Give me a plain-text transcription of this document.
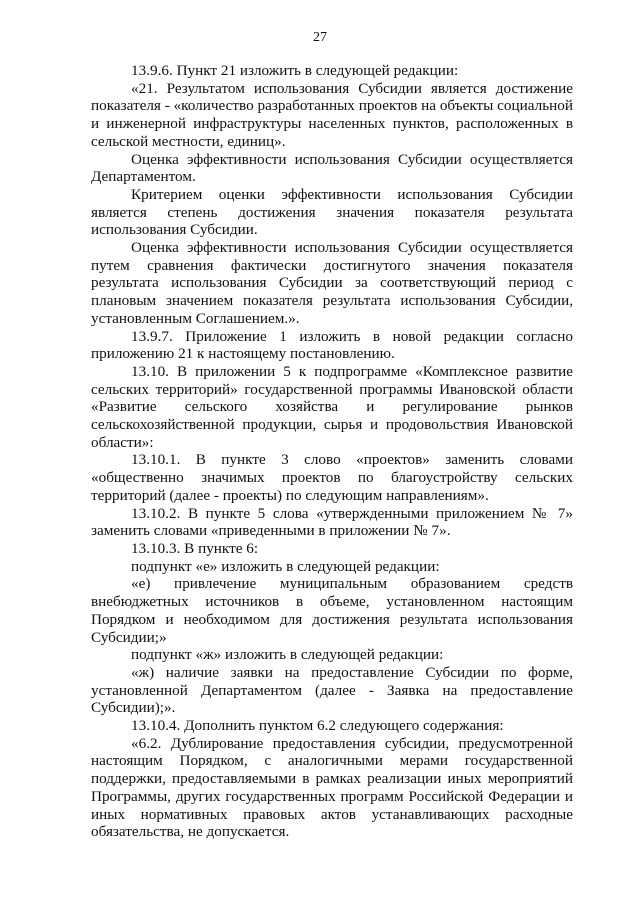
27

13.9.6. Пункт 21 изложить в следующей редакции:

«21. Результатом использования Субсидии является достижение показателя - «количество разработанных проектов на объекты социальной и инженерной инфраструктуры населенных пунктов, расположенных в сельской местности, единиц».

Оценка эффективности использования Субсидии осуществляется Департаментом.

Критерием оценки эффективности использования Субсидии является степень достижения значения показателя результата использования Субсидии.

Оценка эффективности использования Субсидии осуществляется путем сравнения фактически достигнутого значения показателя результата использования Субсидии за соответствующий период с плановым значением показателя результата использования Субсидии, установленным Соглашением.».

13.9.7. Приложение 1 изложить в новой редакции согласно приложению 21 к настоящему постановлению.

13.10. В приложении 5 к подпрограмме «Комплексное развитие сельских территорий» государственной программы Ивановской области «Развитие сельского хозяйства и регулирование рынков сельскохозяйственной продукции, сырья и продовольствия Ивановской области»:

13.10.1. В пункте 3 слово «проектов» заменить словами «общественно значимых проектов по благоустройству сельских территорий (далее - проекты) по следующим направлениям».

13.10.2. В пункте 5 слова «утвержденными приложением № 7» заменить словами «приведенными в приложении № 7».

13.10.3. В пункте 6:

подпункт «е» изложить в следующей редакции:

«е) привлечение муниципальным образованием средств внебюджетных источников в объеме, установленном настоящим Порядком и необходимом для достижения результата использования Субсидии;»

подпункт «ж» изложить в следующей редакции:

«ж) наличие заявки на предоставление Субсидии по форме, установленной Департаментом (далее - Заявка на предоставление Субсидии);».

13.10.4. Дополнить пунктом 6.2 следующего содержания:

«6.2. Дублирование предоставления субсидии, предусмотренной настоящим Порядком, с аналогичными мерами государственной поддержки, предоставляемыми в рамках реализации иных мероприятий Программы, других государственных программ Российской Федерации и иных нормативных правовых актов устанавливающих расходные обязательства, не допускается.
